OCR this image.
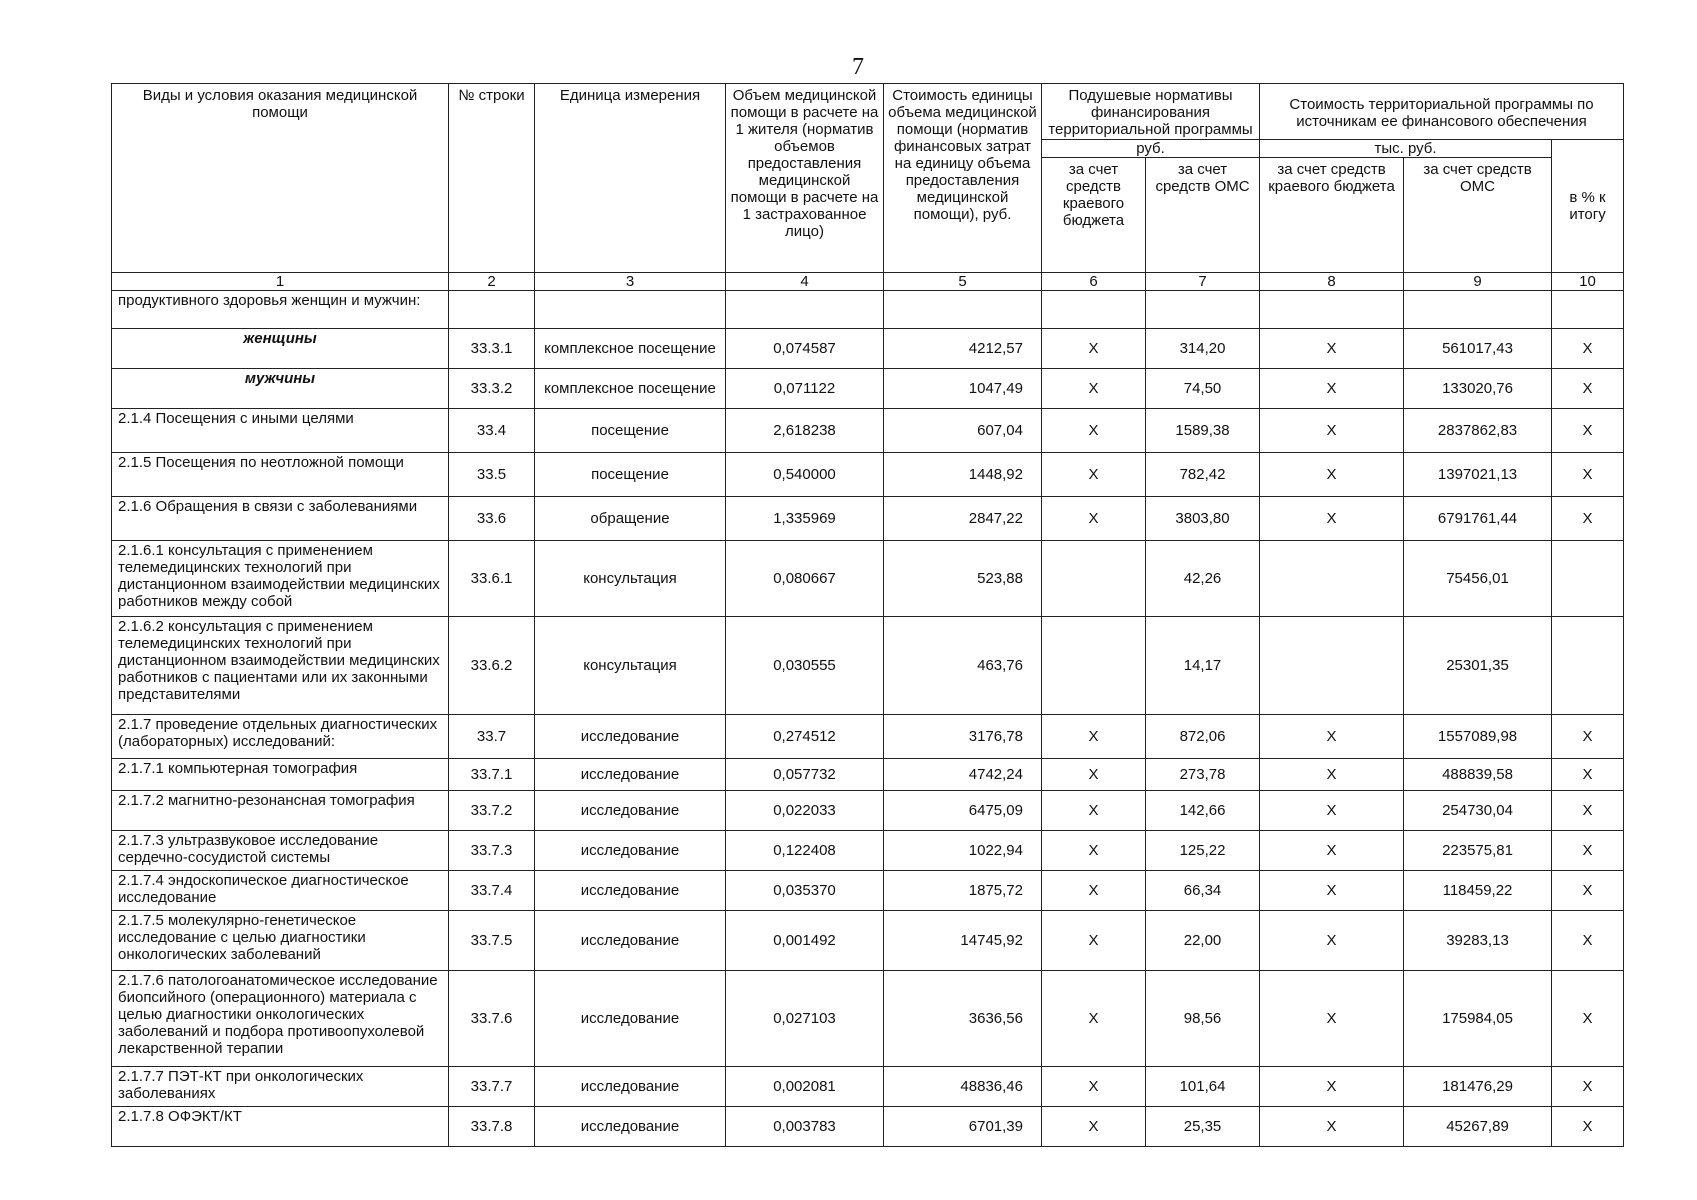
7
Виды и условия оказания медицинской помощи	№ строки	Единица измерения	Объем медицинской помощи в расчете на 1 жителя (норматив объемов предоставления медицинской помощи в расчете на 1 застрахованное лицо)	Стоимость единицы объема медицинской помощи (норматив финансовых затрат на единицу объема предоставления медицинской помощи), руб.	Подушевые нормативы финансирования территориальной программы		Стоимость территориальной программы по источникам ее финансового обеспечения		
					руб.		тыс. руб.		в % к итогу
					за счет средств краевого бюджета	за счет средств ОМС	за счет средств краевого бюджета	за счет средств ОМС	
1	2	3	4	5	6	7	8	9	10
продуктивного здоровья женщин и мужчин:									
женщины	33.3.1	комплексное посещение	0,074587	4212,57	X	314,20	X	561017,43	X
мужчины	33.3.2	комплексное посещение	0,071122	1047,49	X	74,50	X	133020,76	X
2.1.4 Посещения с иными целями	33.4	посещение	2,618238	607,04	X	1589,38	X	2837862,83	X
2.1.5 Посещения по неотложной помощи	33.5	посещение	0,540000	1448,92	X	782,42	X	1397021,13	X
2.1.6 Обращения в связи с заболеваниями	33.6	обращение	1,335969	2847,22	X	3803,80	X	6791761,44	X
2.1.6.1 консультация с применением телемедицинских технологий при дистанционном взаимодействии медицинских работников между собой	33.6.1	консультация	0,080667	523,88		42,26		75456,01	
2.1.6.2 консультация с применением телемедицинских технологий при дистанционном взаимодействии медицинских работников с пациентами или их законными представителями	33.6.2	консультация	0,030555	463,76		14,17		25301,35	
2.1.7 проведение отдельных диагностических (лабораторных) исследований:	33.7	исследование	0,274512	3176,78	X	872,06	X	1557089,98	X
2.1.7.1 компьютерная томография	33.7.1	исследование	0,057732	4742,24	X	273,78	X	488839,58	X
2.1.7.2 магнитно-резонансная томография	33.7.2	исследование	0,022033	6475,09	X	142,66	X	254730,04	X
2.1.7.3 ультразвуковое исследование сердечно-сосудистой системы	33.7.3	исследование	0,122408	1022,94	X	125,22	X	223575,81	X
2.1.7.4 эндоскопическое диагностическое исследование	33.7.4	исследование	0,035370	1875,72	X	66,34	X	118459,22	X
2.1.7.5 молекулярно-генетическое исследование с целью диагностики онкологических заболеваний	33.7.5	исследование	0,001492	14745,92	X	22,00	X	39283,13	X
2.1.7.6 патологоанатомическое исследование биопсийного (операционного) материала с целью диагностики онкологических заболеваний и подбора противоопухолевой лекарственной терапии	33.7.6	исследование	0,027103	3636,56	X	98,56	X	175984,05	X
2.1.7.7 ПЭТ-КТ при онкологических заболеваниях	33.7.7	исследование	0,002081	48836,46	X	101,64	X	181476,29	X
2.1.7.8 ОФЭКТ/КТ	33.7.8	исследование	0,003783	6701,39	X	25,35	X	45267,89	X
